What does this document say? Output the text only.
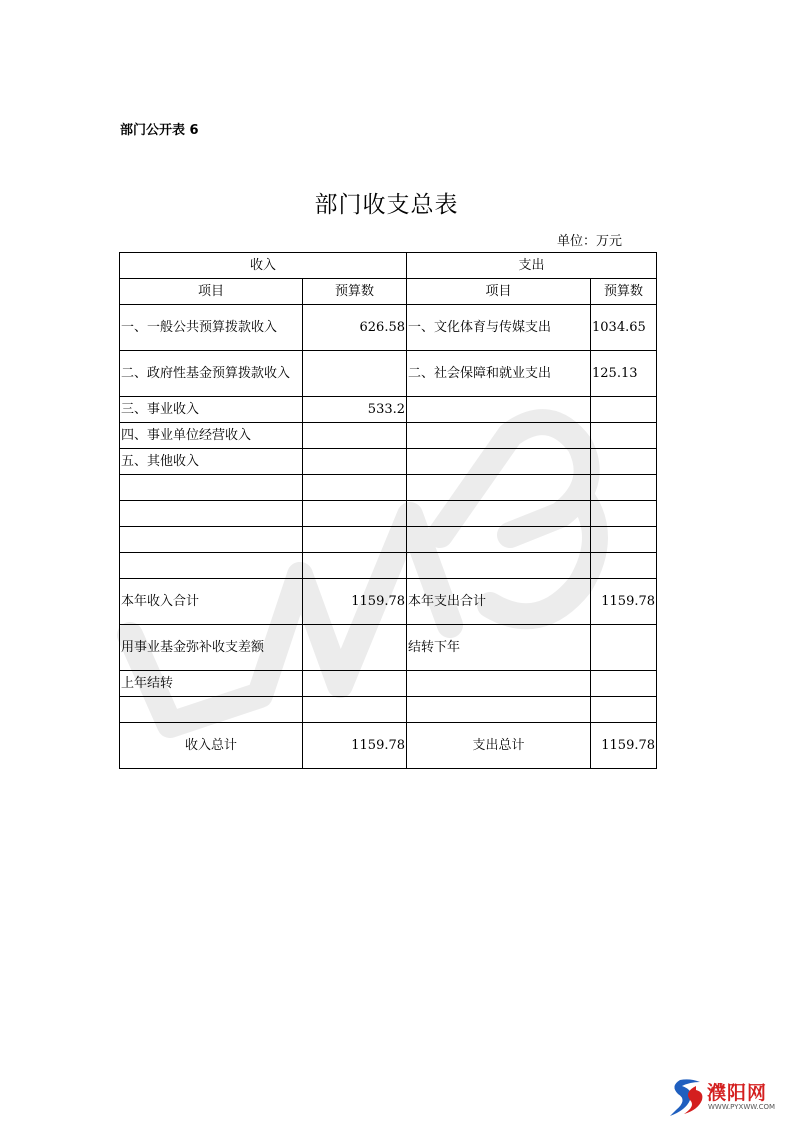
部门公开表 6
部门收支总表
单位：万元
收入		支出	
项目	预算数	项目	预算数
一、一般公共预算拨款收入	626.58	一、文化体育与传媒支出	1034.65
二、政府性基金预算拨款收入		二、社会保障和就业支出	125.13
三、事业收入	533.2		
四、事业单位经营收入			
五、其他收入			

本年收入合计	1159.78	本年支出合计	1159.78
用事业基金弥补收支差额		结转下年	
上年结转			

收入总计	1159.78	支出总计	1159.78
濮阳网
WWW.PYXWW.COM
